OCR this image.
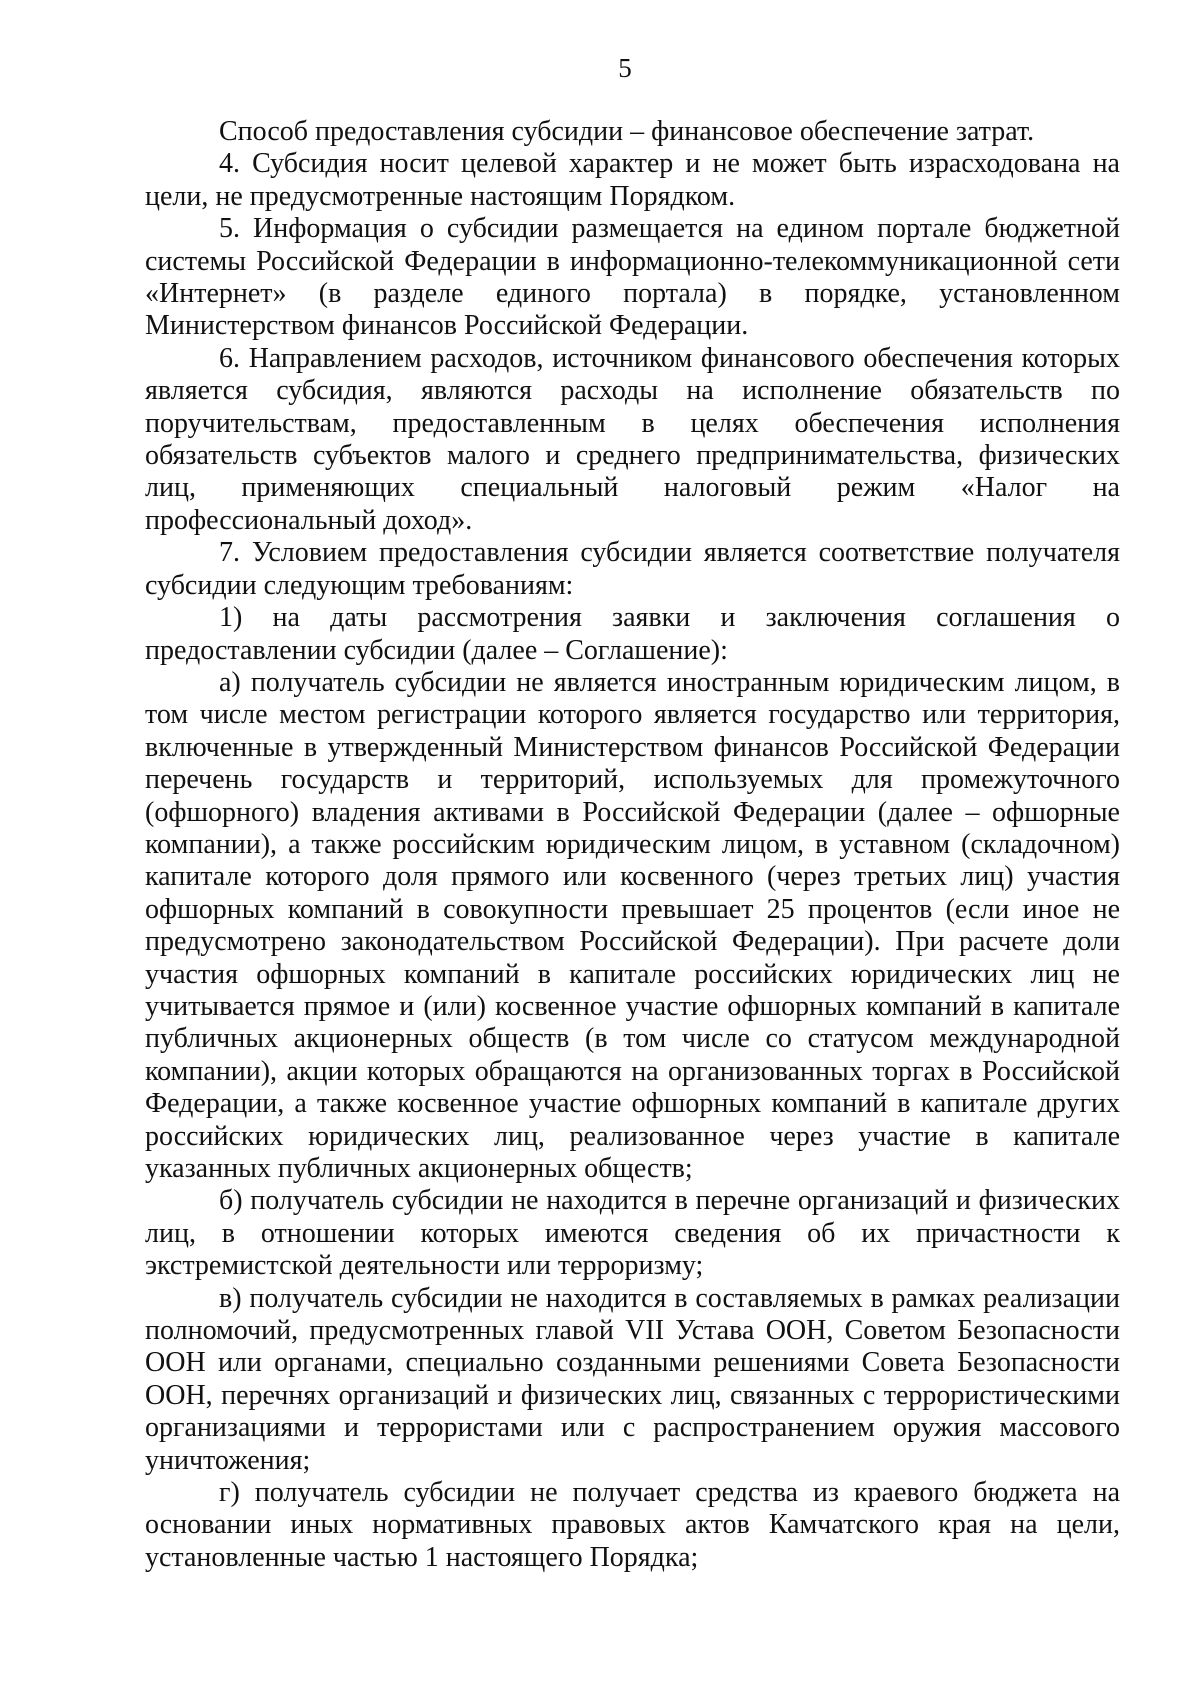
5

Способ предоставления субсидии – финансовое обеспечение затрат.

4. Субсидия носит целевой характер и не может быть израсходована на цели, не предусмотренные настоящим Порядком.

5. Информация о субсидии размещается на едином портале бюджетной системы Российской Федерации в информационно-телекоммуникационной сети «Интернет» (в разделе единого портала) в порядке, установленном Министерством финансов Российской Федерации.

6. Направлением расходов, источником финансового обеспечения которых является субсидия, являются расходы на исполнение обязательств по поручительствам, предоставленным в целях обеспечения исполнения обязательств субъектов малого и среднего предпринимательства, физических лиц, применяющих специальный налоговый режим «Налог на профессиональный доход».

7. Условием предоставления субсидии является соответствие получателя субсидии следующим требованиям:

1) на даты рассмотрения заявки и заключения соглашения о предоставлении субсидии (далее – Соглашение):

а) получатель субсидии не является иностранным юридическим лицом, в том числе местом регистрации которого является государство или территория, включенные в утвержденный Министерством финансов Российской Федерации перечень государств и территорий, используемых для промежуточного (офшорного) владения активами в Российской Федерации (далее – офшорные компании), а также российским юридическим лицом, в уставном (складочном) капитале которого доля прямого или косвенного (через третьих лиц) участия офшорных компаний в совокупности превышает 25 процентов (если иное не предусмотрено законодательством Российской Федерации). При расчете доли участия офшорных компаний в капитале российских юридических лиц не учитывается прямое и (или) косвенное участие офшорных компаний в капитале публичных акционерных обществ (в том числе со статусом международной компании), акции которых обращаются на организованных торгах в Российской Федерации, а также косвенное участие офшорных компаний в капитале других российских юридических лиц, реализованное через участие в капитале указанных публичных акционерных обществ;

б) получатель субсидии не находится в перечне организаций и физических лиц, в отношении которых имеются сведения об их причастности к экстремистской деятельности или терроризму;

в) получатель субсидии не находится в составляемых в рамках реализации полномочий, предусмотренных главой VII Устава ООН, Советом Безопасности ООН или органами, специально созданными решениями Совета Безопасности ООН, перечнях организаций и физических лиц, связанных с террористическими организациями и террористами или с распространением оружия массового уничтожения;

г) получатель субсидии не получает средства из краевого бюджета на основании иных нормативных правовых актов Камчатского края на цели, установленные частью 1 настоящего Порядка;
